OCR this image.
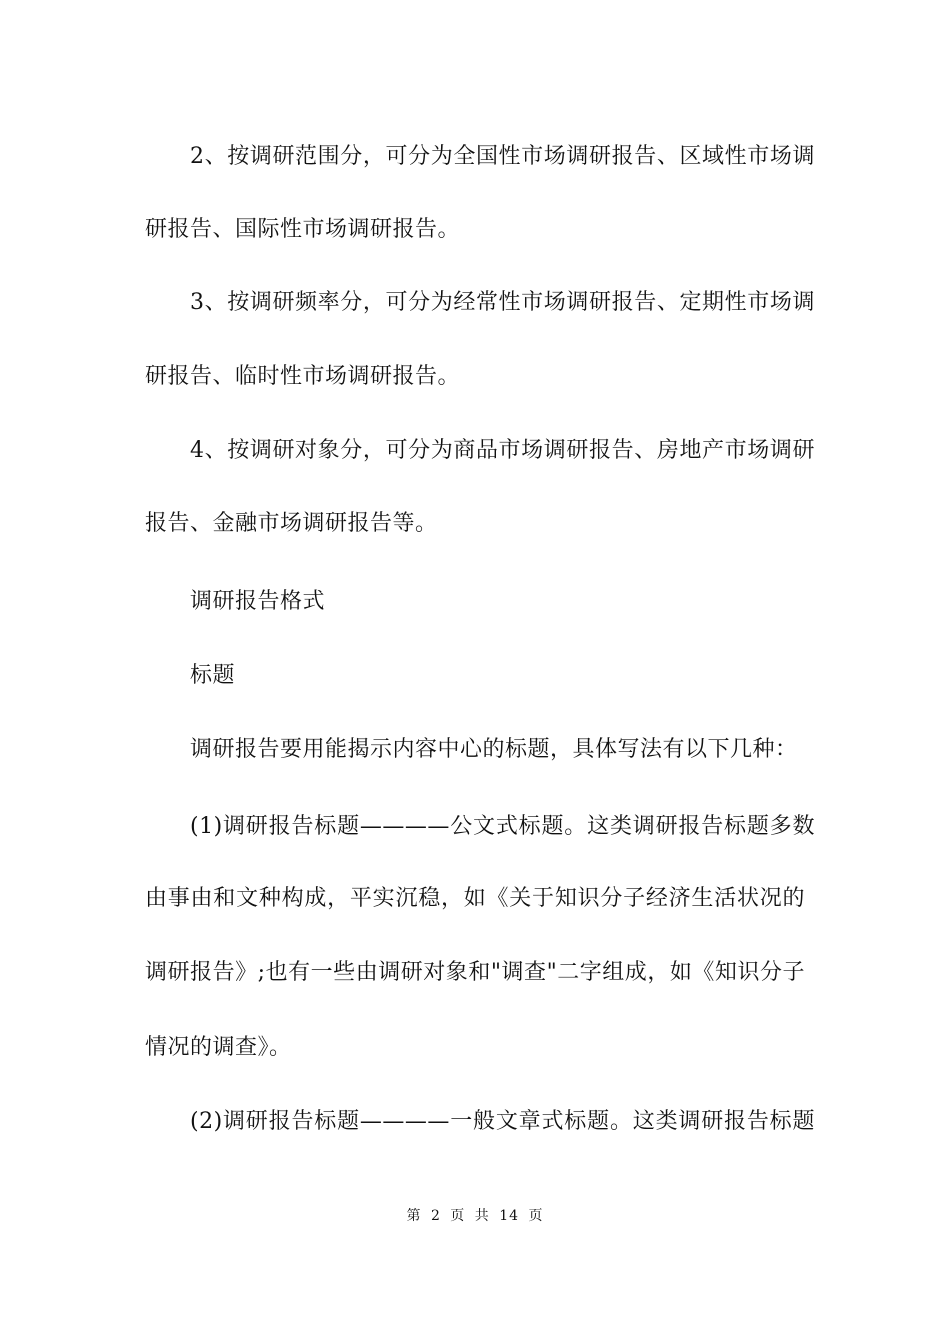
2、按调研范围分，可分为全国性市场调研报告、区域性市场调
研报告、国际性市场调研报告。
3、按调研频率分，可分为经常性市场调研报告、定期性市场调
研报告、临时性市场调研报告。
4、按调研对象分，可分为商品市场调研报告、房地产市场调研
报告、金融市场调研报告等。
调研报告格式
标题
调研报告要用能揭示内容中心的标题，具体写法有以下几种：
(1)调研报告标题————公文式标题。这类调研报告标题多数
由事由和文种构成，平实沉稳，如《关于知识分子经济生活状况的
调研报告》;也有一些由调研对象和"调查"二字组成，如《知识分子
情况的调查》。
(2)调研报告标题————一般文章式标题。这类调研报告标题
第 2 页 共 14 页
